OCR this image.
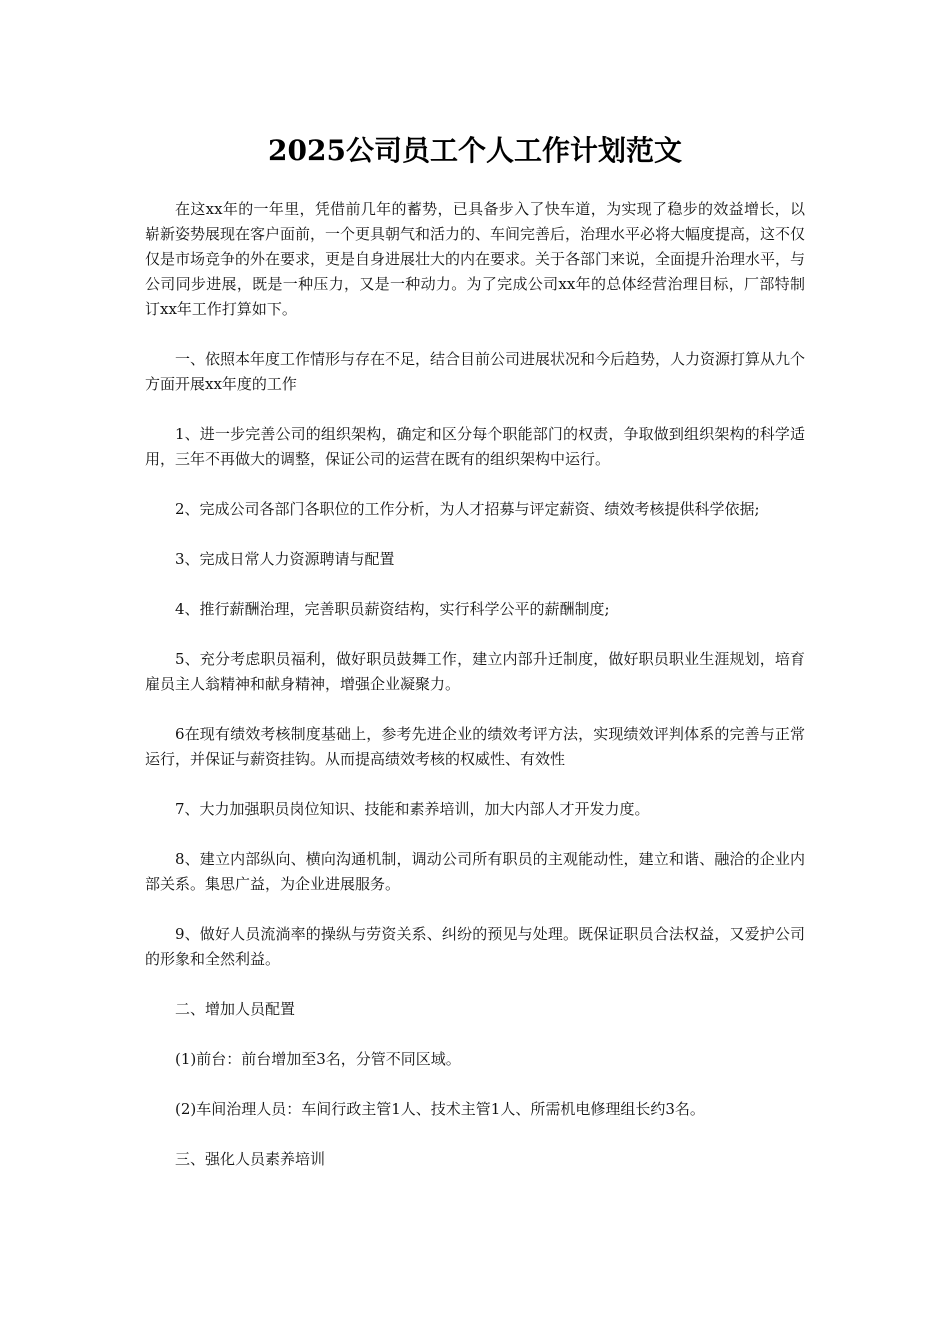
2025公司员工个人工作计划范文

在这xx年的一年里，凭借前几年的蓄势，已具备步入了快车道，为实现了稳步的效益增长，以崭新姿势展现在客户面前，一个更具朝气和活力的、车间完善后，治理水平必将大幅度提高，这不仅仅是市场竞争的外在要求，更是自身进展壮大的内在要求。关于各部门来说，全面提升治理水平，与公司同步进展，既是一种压力，又是一种动力。为了完成公司xx年的总体经营治理目标，厂部特制订xx年工作打算如下。

一、依照本年度工作情形与存在不足，结合目前公司进展状况和今后趋势，人力资源打算从九个方面开展xx年度的工作

1、进一步完善公司的组织架构，确定和区分每个职能部门的权责，争取做到组织架构的科学适用，三年不再做大的调整，保证公司的运营在既有的组织架构中运行。

2、完成公司各部门各职位的工作分析，为人才招募与评定薪资、绩效考核提供科学依据;

3、完成日常人力资源聘请与配置

4、推行薪酬治理，完善职员薪资结构，实行科学公平的薪酬制度;

5、充分考虑职员福利，做好职员鼓舞工作，建立内部升迁制度，做好职员职业生涯规划，培育雇员主人翁精神和献身精神，增强企业凝聚力。

6在现有绩效考核制度基础上，参考先进企业的绩效考评方法，实现绩效评判体系的完善与正常运行，并保证与薪资挂钩。从而提高绩效考核的权威性、有效性

7、大力加强职员岗位知识、技能和素养培训，加大内部人才开发力度。

8、建立内部纵向、横向沟通机制，调动公司所有职员的主观能动性，建立和谐、融洽的企业内部关系。集思广益，为企业进展服务。

9、做好人员流淌率的操纵与劳资关系、纠纷的预见与处理。既保证职员合法权益，又爱护公司的形象和全然利益。

二、增加人员配置

(1)前台：前台增加至3名，分管不同区域。

(2)车间治理人员：车间行政主管1人、技术主管1人、所需机电修理组长约3名。

三、强化人员素养培训
